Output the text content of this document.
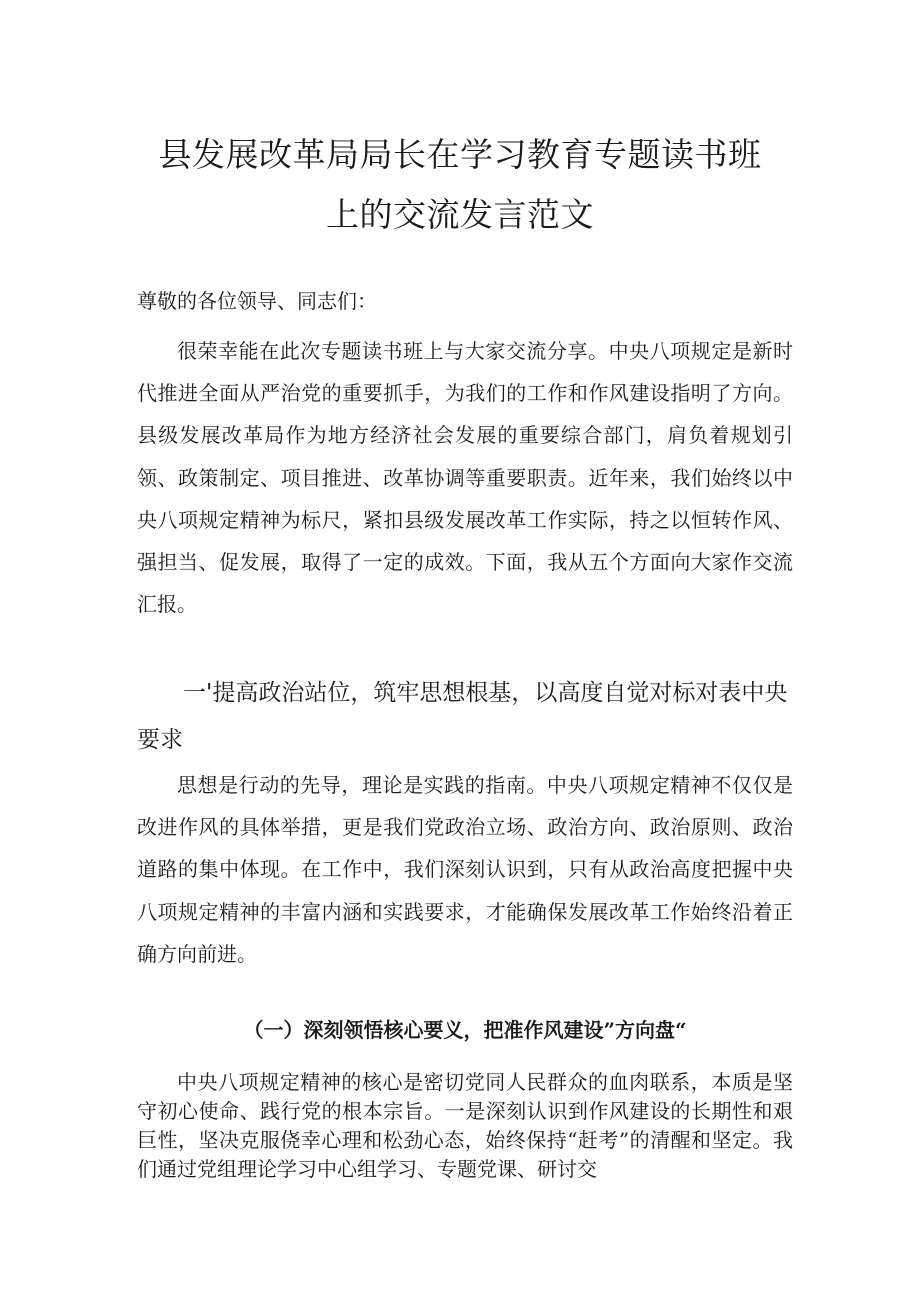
县发展改革局局长在学习教育专题读书班
上的交流发言范文

尊敬的各位领导、同志们：

很荣幸能在此次专题读书班上与大家交流分享。中央八项规定是新时代推进全面从严治党的重要抓手，为我们的工作和作风建设指明了方向。县级发展改革局作为地方经济社会发展的重要综合部门，肩负着规划引领、政策制定、项目推进、改革协调等重要职责。近年来，我们始终以中央八项规定精神为标尺，紧扣县级发展改革工作实际，持之以恒转作风、强担当、促发展，取得了一定的成效。下面，我从五个方面向大家作交流汇报。

一'提高政治站位，筑牢思想根基，以高度自觉对标对表中央要求

思想是行动的先导，理论是实践的指南。中央八项规定精神不仅仅是改进作风的具体举措，更是我们党政治立场、政治方向、政治原则、政治道路的集中体现。在工作中，我们深刻认识到，只有从政治高度把握中央八项规定精神的丰富内涵和实践要求，才能确保发展改革工作始终沿着正确方向前进。

（一）深刻领悟核心要义，把准作风建设”方向盘“

中央八项规定精神的核心是密切党同人民群众的血肉联系，本质是坚守初心使命、践行党的根本宗旨。一是深刻认识到作风建设的长期性和艰巨性，坚决克服侥幸心理和松劲心态，始终保持“赶考”的清醒和坚定。我们通过党组理论学习中心组学习、专题党课、研讨交
